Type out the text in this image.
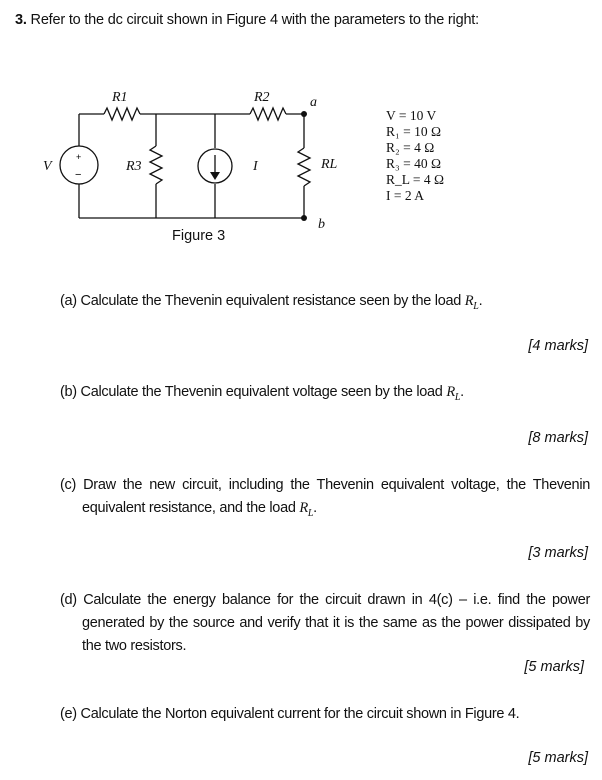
3. Refer to the dc circuit shown in Figure 4 with the parameters to the right:
+
−
R1	R2
R3	RL
V	I
a
b
V = 10 V
R₁ = 10 Ω
R₂ = 4 Ω
R₃ = 40 Ω
R_L = 4 Ω
I = 2 A
Figure 3
(a) Calculate the Thevenin equivalent resistance seen by the load $R_L$.
[4 marks]
(b) Calculate the Thevenin equivalent voltage seen by the load $R_L$.
[8 marks]
(c) Draw the new circuit, including the Thevenin equivalent voltage, the Thevenin equivalent resistance, and the load $R_L$.
[3 marks]
(d) Calculate the energy balance for the circuit drawn in 4(c) – i.e. find the power generated by the source and verify that it is the same as the power dissipated by the two resistors.
[5 marks]
(e) Calculate the Norton equivalent current for the circuit shown in Figure 4.
[5 marks]
